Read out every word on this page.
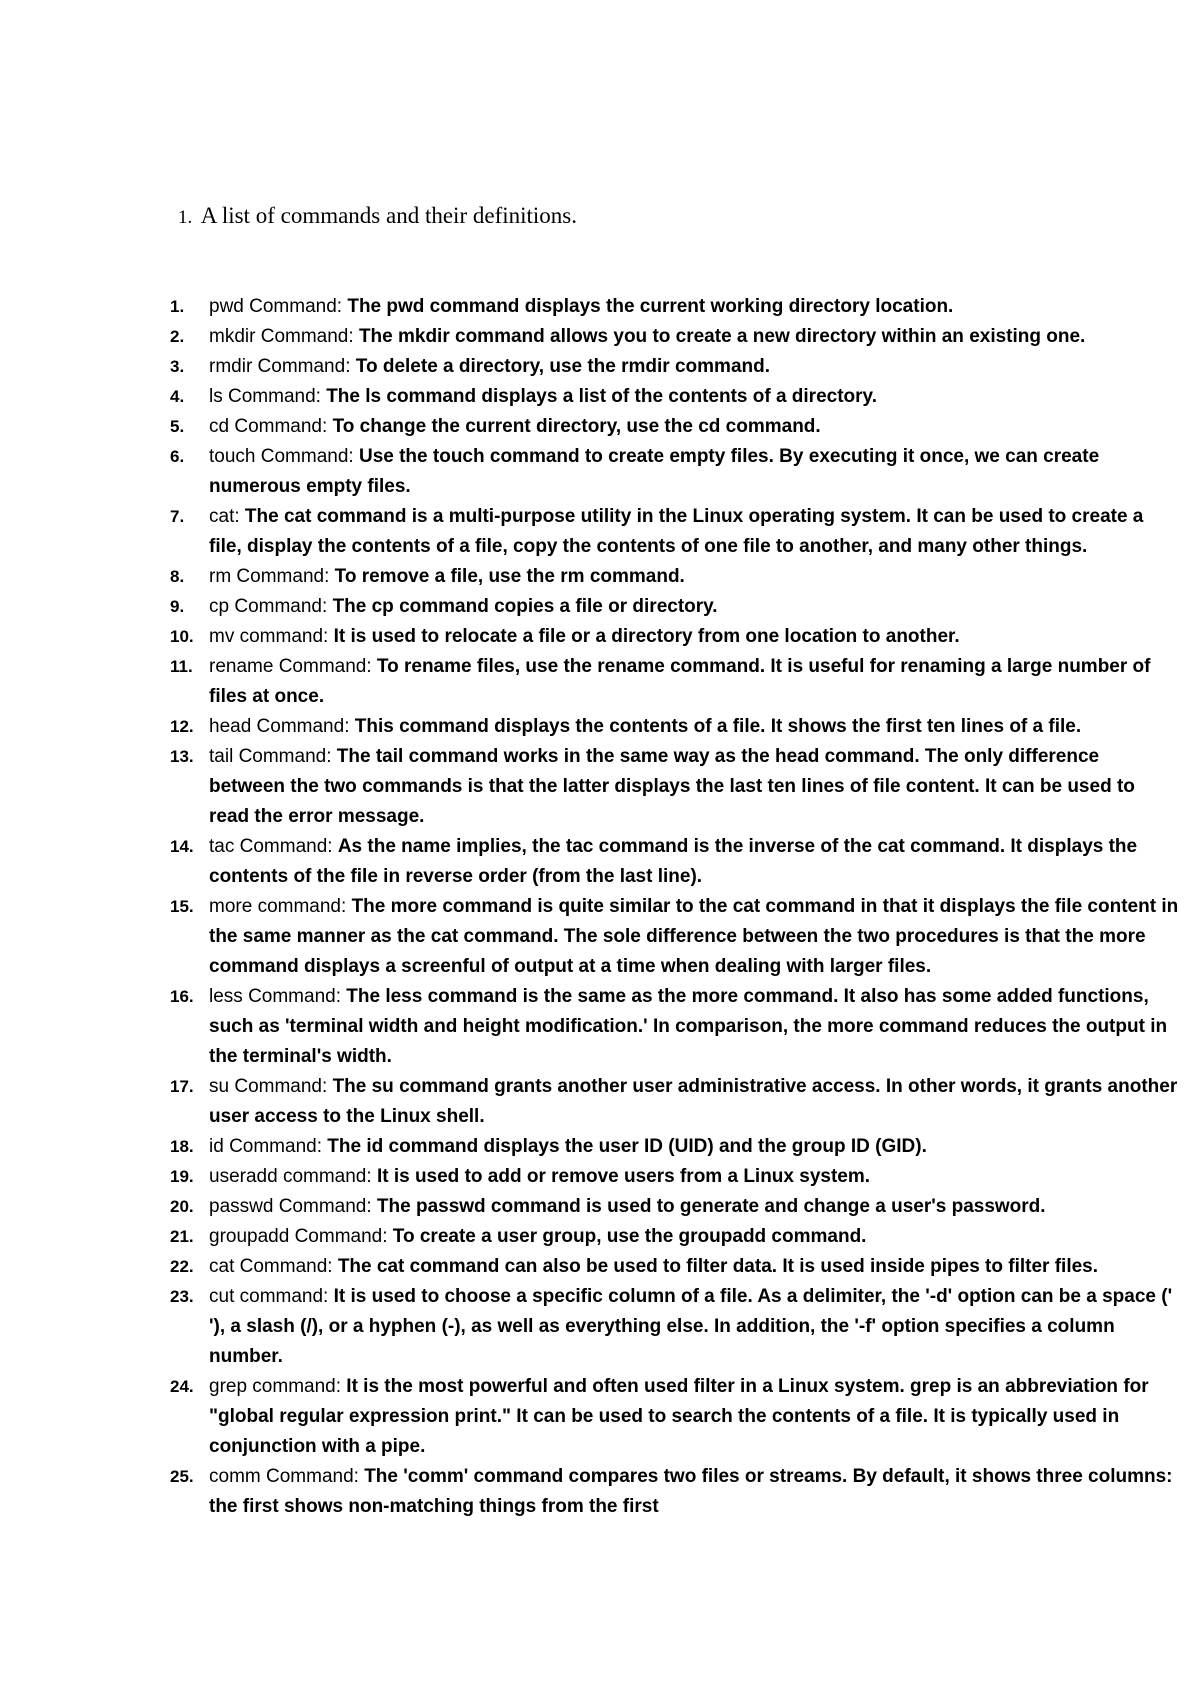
1. A list of commands and their definitions.
1. pwd Command: The pwd command displays the current working directory location.
2. mkdir Command: The mkdir command allows you to create a new directory within an existing one.
3. rmdir Command: To delete a directory, use the rmdir command.
4. ls Command: The ls command displays a list of the contents of a directory.
5. cd Command: To change the current directory, use the cd command.
6. touch Command: Use the touch command to create empty files. By executing it once, we can create numerous empty files.
7. cat: The cat command is a multi-purpose utility in the Linux operating system. It can be used to create a file, display the contents of a file, copy the contents of one file to another, and many other things.
8. rm Command: To remove a file, use the rm command.
9. cp Command: The cp command copies a file or directory.
10. mv command: It is used to relocate a file or a directory from one location to another.
11. rename Command: To rename files, use the rename command. It is useful for renaming a large number of files at once.
12. head Command: This command displays the contents of a file. It shows the first ten lines of a file.
13. tail Command: The tail command works in the same way as the head command. The only difference between the two commands is that the latter displays the last ten lines of file content. It can be used to read the error message.
14. tac Command: As the name implies, the tac command is the inverse of the cat command. It displays the contents of the file in reverse order (from the last line).
15. more command: The more command is quite similar to the cat command in that it displays the file content in the same manner as the cat command. The sole difference between the two procedures is that the more command displays a screenful of output at a time when dealing with larger files.
16. less Command: The less command is the same as the more command. It also has some added functions, such as 'terminal width and height modification.' In comparison, the more command reduces the output in the terminal's width.
17. su Command: The su command grants another user administrative access. In other words, it grants another user access to the Linux shell.
18. id Command: The id command displays the user ID (UID) and the group ID (GID).
19. useradd command: It is used to add or remove users from a Linux system.
20. passwd Command: The passwd command is used to generate and change a user's password.
21. groupadd Command: To create a user group, use the groupadd command.
22. cat Command: The cat command can also be used to filter data. It is used inside pipes to filter files.
23. cut command: It is used to choose a specific column of a file. As a delimiter, the '-d' option can be a space (' '), a slash (/), or a hyphen (-), as well as everything else. In addition, the '-f' option specifies a column number.
24. grep command: It is the most powerful and often used filter in a Linux system. grep is an abbreviation for "global regular expression print." It can be used to search the contents of a file. It is typically used in conjunction with a pipe.
25. comm Command: The 'comm' command compares two files or streams. By default, it shows three columns: the first shows non-matching things from the first
